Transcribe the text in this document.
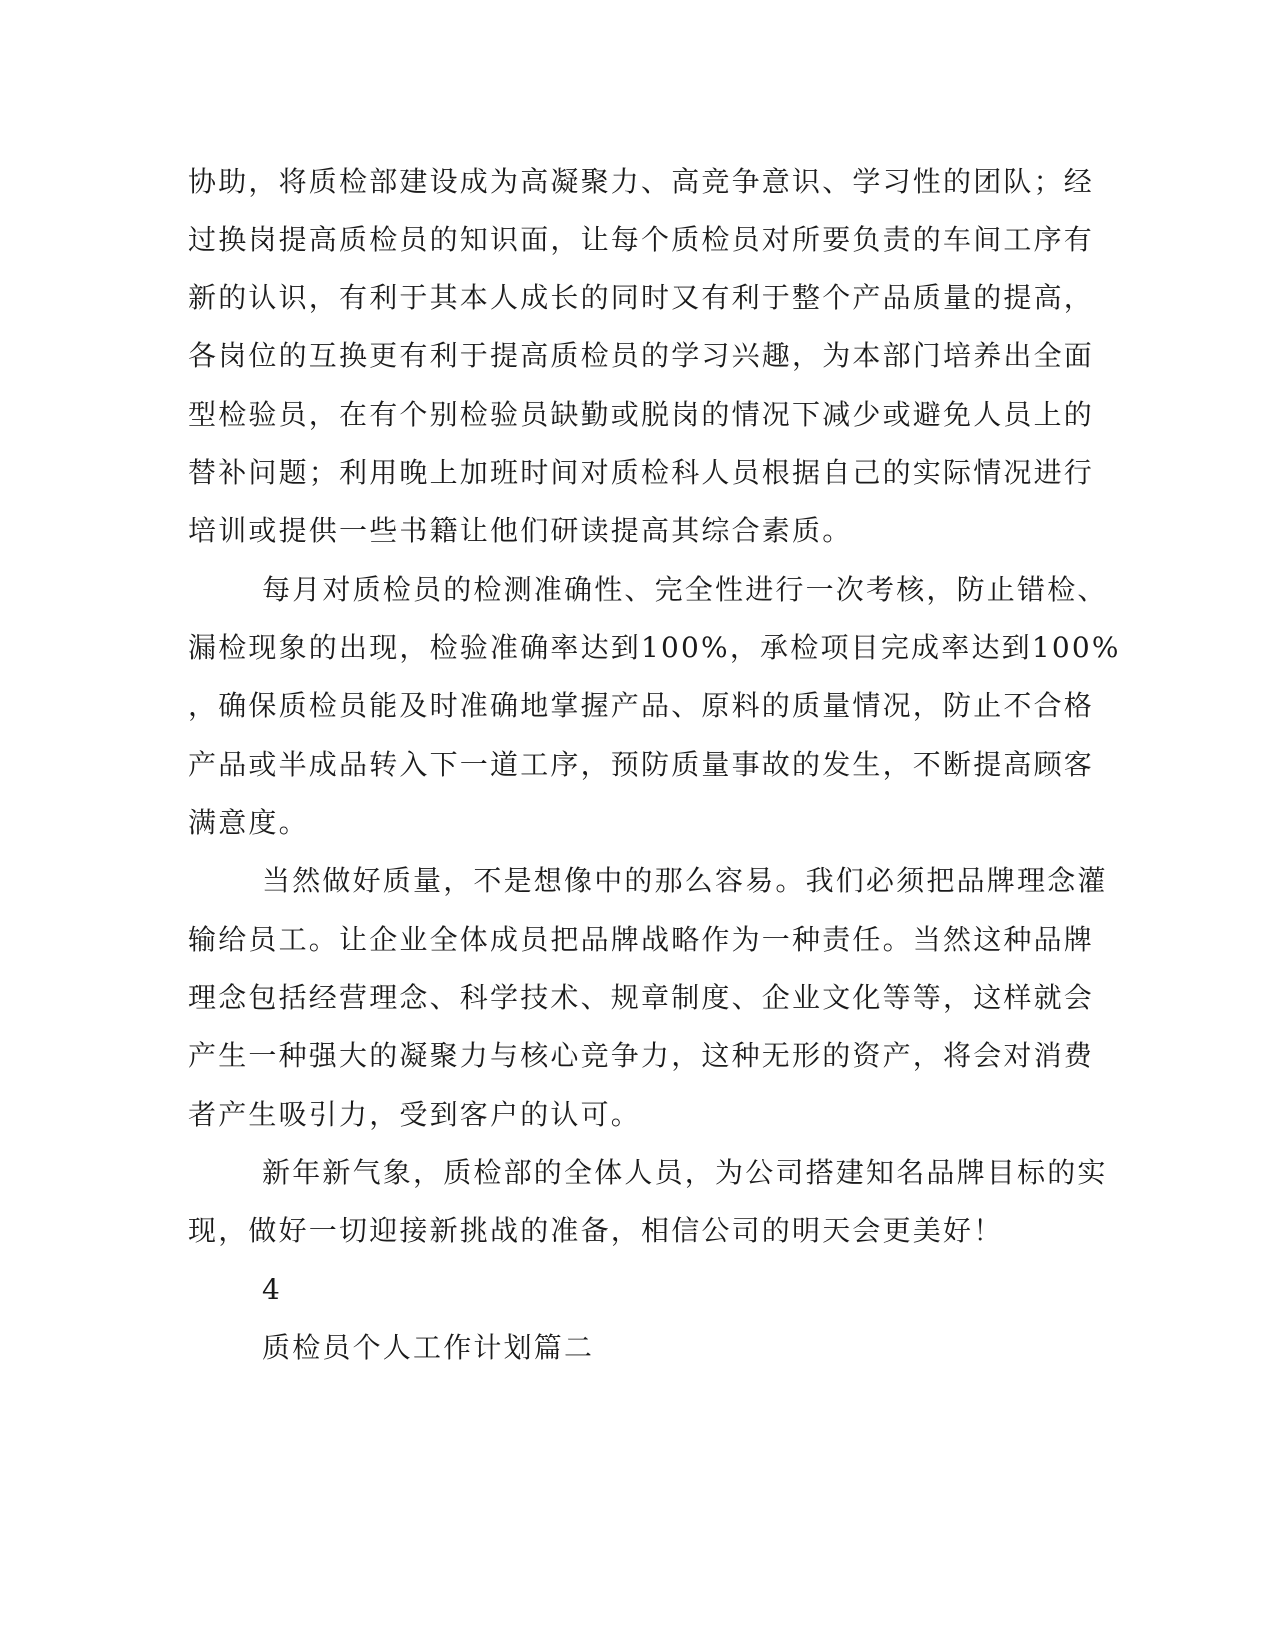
协助，将质检部建设成为高凝聚力、高竞争意识、学习性的团队；经
过换岗提高质检员的知识面，让每个质检员对所要负责的车间工序有
新的认识，有利于其本人成长的同时又有利于整个产品质量的提高，
各岗位的互换更有利于提高质检员的学习兴趣，为本部门培养出全面
型检验员，在有个别检验员缺勤或脱岗的情况下减少或避免人员上的
替补问题；利用晚上加班时间对质检科人员根据自己的实际情况进行
培训或提供一些书籍让他们研读提高其综合素质。
每月对质检员的检测准确性、完全性进行一次考核，防止错检、
漏检现象的出现，检验准确率达到100%，承检项目完成率达到100%
，确保质检员能及时准确地掌握产品、原料的质量情况，防止不合格
产品或半成品转入下一道工序，预防质量事故的发生，不断提高顾客
满意度。
当然做好质量，不是想像中的那么容易。我们必须把品牌理念灌
输给员工。让企业全体成员把品牌战略作为一种责任。当然这种品牌
理念包括经营理念、科学技术、规章制度、企业文化等等，这样就会
产生一种强大的凝聚力与核心竞争力，这种无形的资产，将会对消费
者产生吸引力，受到客户的认可。
新年新气象，质检部的全体人员，为公司搭建知名品牌目标的实
现，做好一切迎接新挑战的准备，相信公司的明天会更美好！
4
质检员个人工作计划篇二
